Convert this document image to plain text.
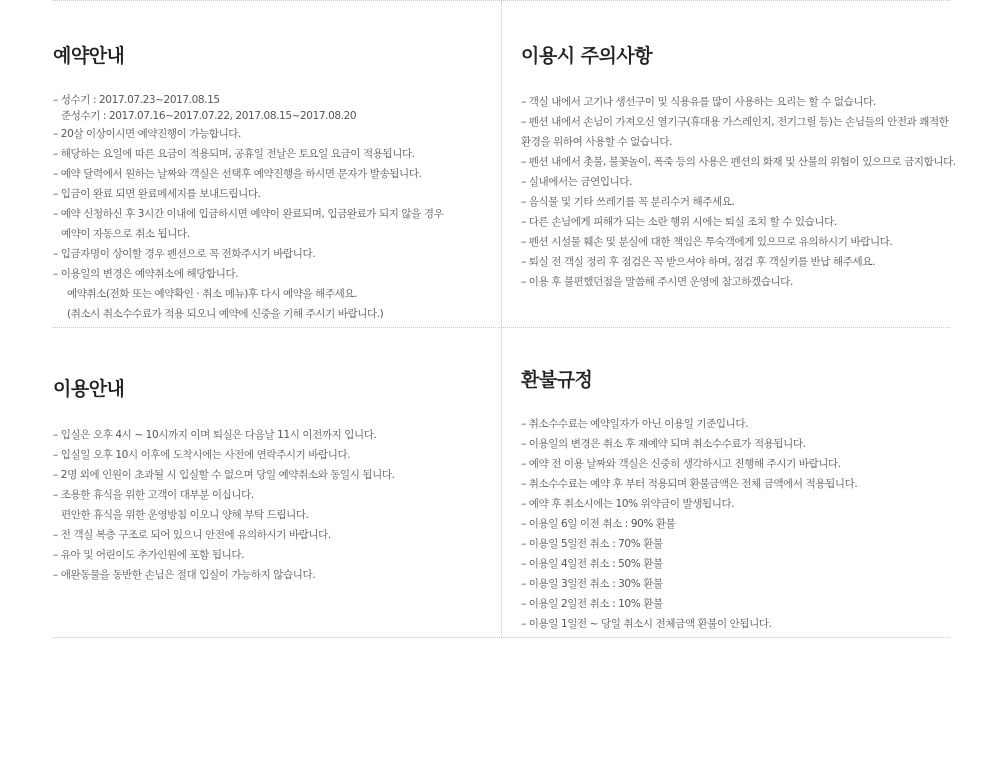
예약안내
– 성수기 : 2017.07.23~2017.08.15
준성수기 : 2017.07.16~2017.07.22, 2017.08.15~2017.08.20
– 20살 이상이시면 예약진행이 가능합니다.
– 해당하는 요일에 따른 요금이 적용되며, 공휴일 전날은 토요일 요금이 적용됩니다.
– 예약 달력에서 원하는 날짜와 객실은 선택후 예약진행을 하시면 문자가 발송됩니다.
– 입금이 완료 되면 완료메세지를 보내드립니다.
– 예약 신청하신 후 3시간 이내에 입금하시면 예약이 완료되며, 입금완료가 되지 않을 경우
예약이 자동으로 취소 됩니다.
– 입금자명이 상이할 경우 펜션으로 꼭 전화주시기 바랍니다.
– 이용일의 변경은 예약취소에 해당합니다.
예약취소(전화 또는 예약확인 · 취소 메뉴)후 다시 예약을 해주세요.
(취소시 취소수수료가 적용 되오니 예약에 신중을 기해 주시기 바랍니다.)
이용시 주의사항
– 객실 내에서 고기나 생선구이 및 식용유를 많이 사용하는 요리는 할 수 없습니다.
– 펜션 내에서 손님이 가져오신 열기구(휴대용 가스레인지, 전기그릴 등)는 손님들의 안전과 쾌적한
환경을 위하여 사용할 수 없습니다.
– 펜션 내에서 촛불, 불꽃놀이, 폭죽 등의 사용은 펜션의 화재 및 산불의 위험이 있으므로 금지합니다.
– 실내에서는 금연입니다.
– 음식물 및 기타 쓰레기를 꼭 분리수거 해주세요.
– 다른 손님에게 피해가 되는 소란 행위 시에는 퇴실 조치 할 수 있습니다.
– 펜션 시설물 훼손 및 분실에 대한 책임은 투숙객에게 있으므로 유의하시기 바랍니다.
– 퇴실 전 객실 정리 후 점검은 꼭 받으셔야 하며, 점검 후 객실키를 반납 해주세요.
– 이용 후 불편했던점을 말씀해 주시면 운영에 참고하겠습니다.
이용안내
– 입실은 오후 4시 ~ 10시까지 이며 퇴실은 다음날 11시 이전까지 입니다.
– 입실일 오후 10시 이후에 도착시에는 사전에 연락주시기 바랍니다.
– 2명 외에 인원이 초과될 시 입실할 수 없으며 당일 예약취소와 동일시 됩니다.
– 조용한 휴식을 위한 고객이 대부분 이십니다.
편안한 휴식을 위한 운영방침 이오니 양해 부탁 드립니다.
– 전 객실 복층 구조로 되어 있으니 안전에 유의하시기 바랍니다.
– 유아 및 어린이도 추가인원에 포함 됩니다.
– 애완동물을 동반한 손님은 절대 입실이 가능하지 않습니다.
환불규정
– 취소수수료는 예약일자가 아닌 이용일 기준입니다.
– 이용일의 변경은 취소 후 재예약 되며 취소수수료가 적용됩니다.
– 예약 전 이용 날짜와 객실은 신중히 생각하시고 진행해 주시기 바랍니다.
– 취소수수료는 예약 후 부터 적용되며 환불금액은 전체 금액에서 적용됩니다.
– 예약 후 취소시에는 10% 위약금이 발생됩니다.
– 이용일 6일 이전 취소 : 90% 환불
– 이용일 5일전 취소 : 70% 환불
– 이용일 4일전 취소 : 50% 환불
– 이용일 3일전 취소 : 30% 환불
– 이용일 2일전 취소 : 10% 환불
– 이용일 1일전 ~ 당일 취소시 전체금액 환불이 안됩니다.
